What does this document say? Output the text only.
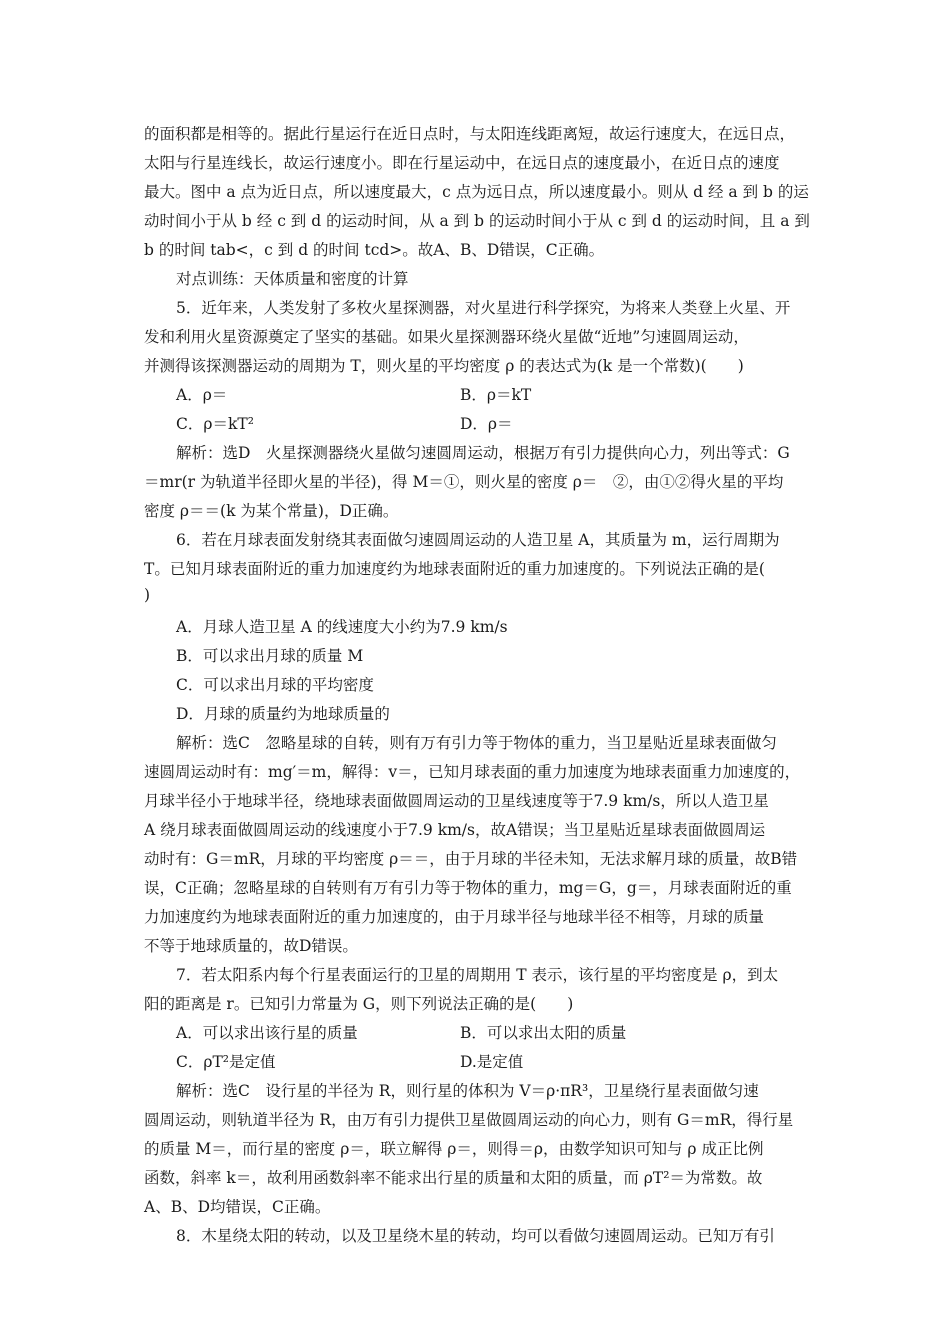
的面积都是相等的。据此行星运行在近日点时，与太阳连线距离短，故运行速度大，在远日点，
太阳与行星连线长，故运行速度小。即在行星运动中，在远日点的速度最小，在近日点的速度
最大。图中 a 点为近日点，所以速度最大，c 点为远日点，所以速度最小。则从 d 经 a 到 b 的运
动时间小于从 b 经 c 到 d 的运动时间，从 a 到 b 的运动时间小于从 c 到 d 的运动时间，且 a 到
b 的时间 tab<，c 到 d 的时间 tcd>。故A、B、D错误，C正确。
对点训练：天体质量和密度的计算
5．近年来，人类发射了多枚火星探测器，对火星进行科学探究，为将来人类登上火星、开
发和利用火星资源奠定了坚实的基础。如果火星探测器环绕火星做“近地”匀速圆周运动，
并测得该探测器运动的周期为 T，则火星的平均密度 ρ 的表达式为(k 是一个常数)(　　)
A．ρ＝	B．ρ＝kT
C．ρ＝kT²	D．ρ＝
解析：选D　火星探测器绕火星做匀速圆周运动，根据万有引力提供向心力，列出等式：G
＝mr(r 为轨道半径即火星的半径)，得 M＝①，则火星的密度 ρ＝　②，由①②得火星的平均
密度 ρ＝＝(k 为某个常量)，D正确。
6．若在月球表面发射绕其表面做匀速圆周运动的人造卫星 A，其质量为 m，运行周期为
T。已知月球表面附近的重力加速度约为地球表面附近的重力加速度的。下列说法正确的是(
)
A．月球人造卫星 A 的线速度大小约为7.9 km/s
B．可以求出月球的质量 M
C．可以求出月球的平均密度
D．月球的质量约为地球质量的
解析：选C　忽略星球的自转，则有万有引力等于物体的重力，当卫星贴近星球表面做匀
速圆周运动时有：mg′＝m，解得：v＝，已知月球表面的重力加速度为地球表面重力加速度的，
月球半径小于地球半径，绕地球表面做圆周运动的卫星线速度等于7.9 km/s，所以人造卫星
A 绕月球表面做圆周运动的线速度小于7.9 km/s，故A错误；当卫星贴近星球表面做圆周运
动时有：G＝mR，月球的平均密度 ρ＝＝，由于月球的半径未知，无法求解月球的质量，故B错
误，C正确；忽略星球的自转则有万有引力等于物体的重力，mg＝G，g＝，月球表面附近的重
力加速度约为地球表面附近的重力加速度的，由于月球半径与地球半径不相等，月球的质量
不等于地球质量的，故D错误。
7．若太阳系内每个行星表面运行的卫星的周期用 T 表示，该行星的平均密度是 ρ，到太
阳的距离是 r。已知引力常量为 G，则下列说法正确的是(　　)
A．可以求出该行星的质量	B．可以求出太阳的质量
C．ρT²是定值	D.是定值
解析：选C　设行星的半径为 R，则行星的体积为 V＝ρ·πR³，卫星绕行星表面做匀速
圆周运动，则轨道半径为 R，由万有引力提供卫星做圆周运动的向心力，则有 G＝mR，得行星
的质量 M＝，而行星的密度 ρ＝，联立解得 ρ＝，则得＝ρ，由数学知识可知与 ρ 成正比例
函数，斜率 k＝，故利用函数斜率不能求出行星的质量和太阳的质量，而 ρT²＝为常数。故
A、B、D均错误，C正确。
8．木星绕太阳的转动，以及卫星绕木星的转动，均可以看做匀速圆周运动。已知万有引
